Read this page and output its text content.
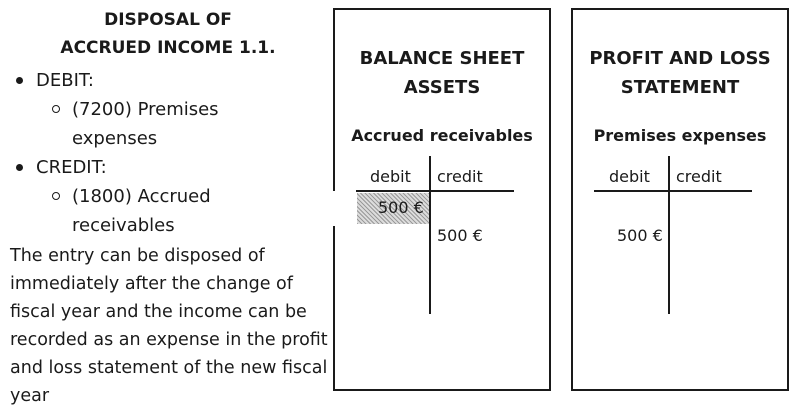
DISPOSAL OF
ACCRUED INCOME 1.1.
DEBIT:
(7200) Premises
expenses
CREDIT:
(1800) Accrued
receivables
The entry can be disposed of immediately after the change of fiscal year and the income can be recorded as an expense in the profit and loss statement of the new fiscal year
BALANCE SHEET
ASSETS
Accrued receivables
debit credit
500 €
500 €
PROFIT AND LOSS
STATEMENT
Premises expenses
debit credit
500 €
